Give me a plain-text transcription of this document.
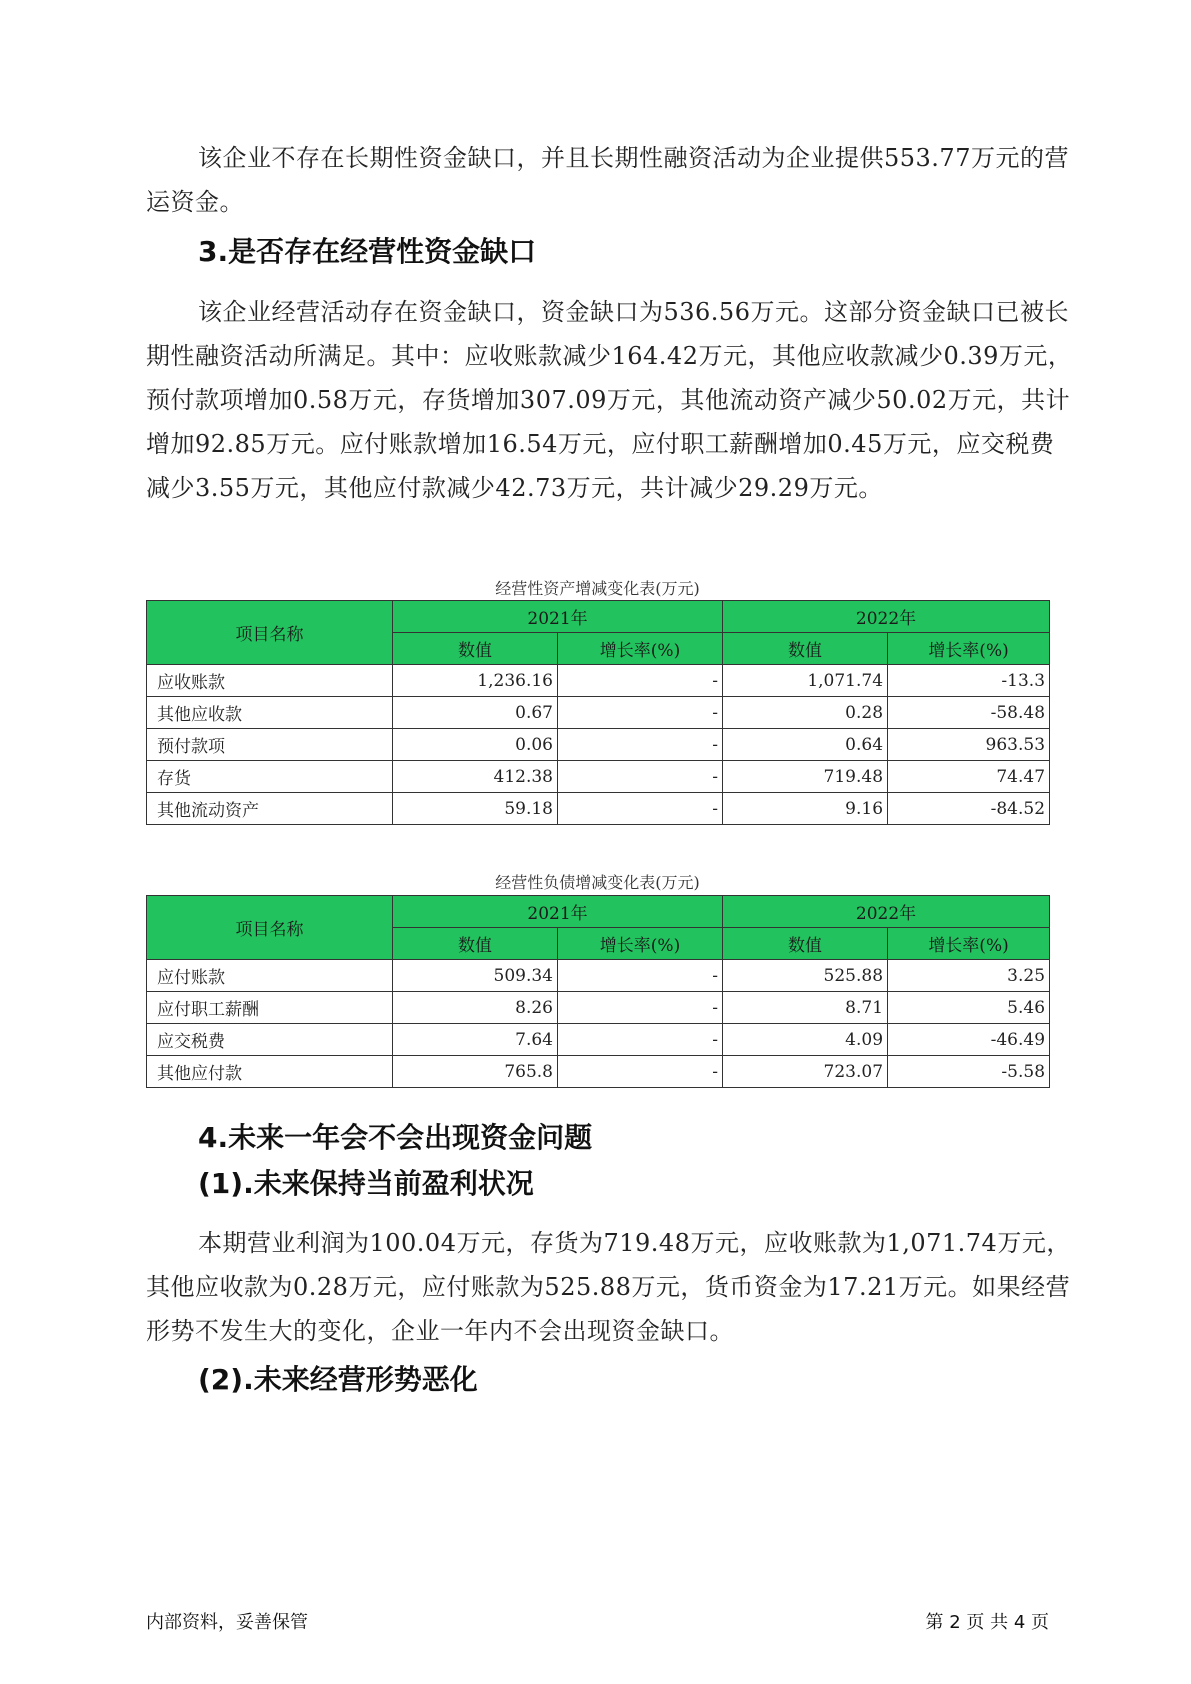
该企业不存在长期性资金缺口，并且长期性融资活动为企业提供553.77万元的营运资金。

3.是否存在经营性资金缺口

该企业经营活动存在资金缺口，资金缺口为536.56万元。这部分资金缺口已被长期性融资活动所满足。其中：应收账款减少164.42万元，其他应收款减少0.39万元，预付款项增加0.58万元，存货增加307.09万元，其他流动资产减少50.02万元，共计增加92.85万元。应付账款增加16.54万元，应付职工薪酬增加0.45万元，应交税费减少3.55万元，其他应付款减少42.73万元，共计减少29.29万元。

经营性资产增减变化表(万元)

项目名称	2021年		2022年	
	数值	增长率(%)	数值	增长率(%)
应收账款	1,236.16	-	1,071.74	-13.3
其他应收款	0.67	-	0.28	-58.48
预付款项	0.06	-	0.64	963.53
存货	412.38	-	719.48	74.47
其他流动资产	59.18	-	9.16	-84.52

经营性负债增减变化表(万元)

项目名称	2021年		2022年	
	数值	增长率(%)	数值	增长率(%)
应付账款	509.34	-	525.88	3.25
应付职工薪酬	8.26	-	8.71	5.46
应交税费	7.64	-	4.09	-46.49
其他应付款	765.8	-	723.07	-5.58
4.未来一年会不会出现资金问题
(1).未来保持当前盈利状况

本期营业利润为100.04万元，存货为719.48万元，应收账款为1,071.74万元，其他应收款为0.28万元，应付账款为525.88万元，货币资金为17.21万元。如果经营形势不发生大的变化，企业一年内不会出现资金缺口。

(2).未来经营形势恶化
内部资料，妥善保管	第 2 页 共 4 页
